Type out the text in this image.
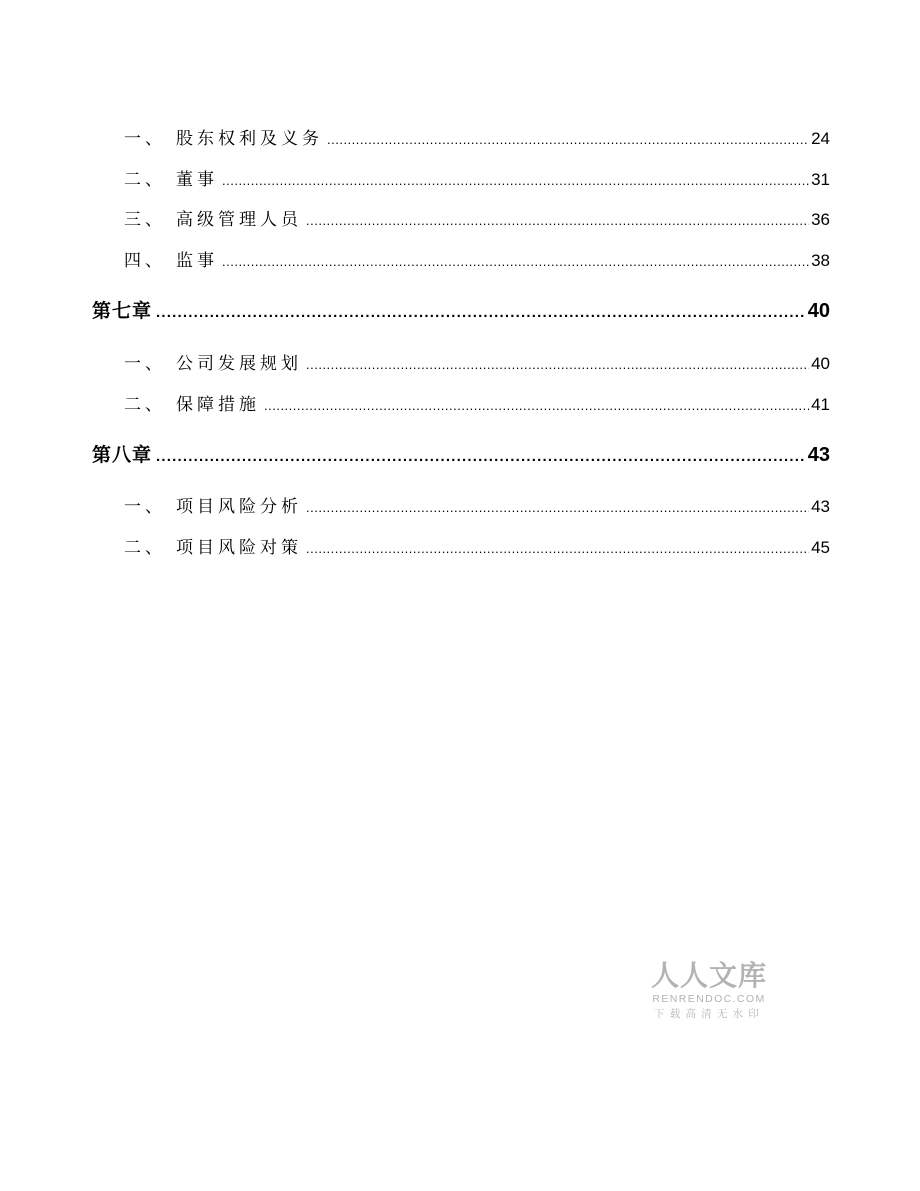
一、 股东权利及义务 .....	24
二、 董事 .....	31
三、 高级管理人员 .....	36
四、 监事 .....	38
第七章 .....	40
一、 公司发展规划 .....	40
二、 保障措施 .....	41
第八章 .....	43
一、 项目风险分析 .....	43
二、 项目风险对策 .....	45
人人文库
RENRENDOC.COM
下载高清无水印
